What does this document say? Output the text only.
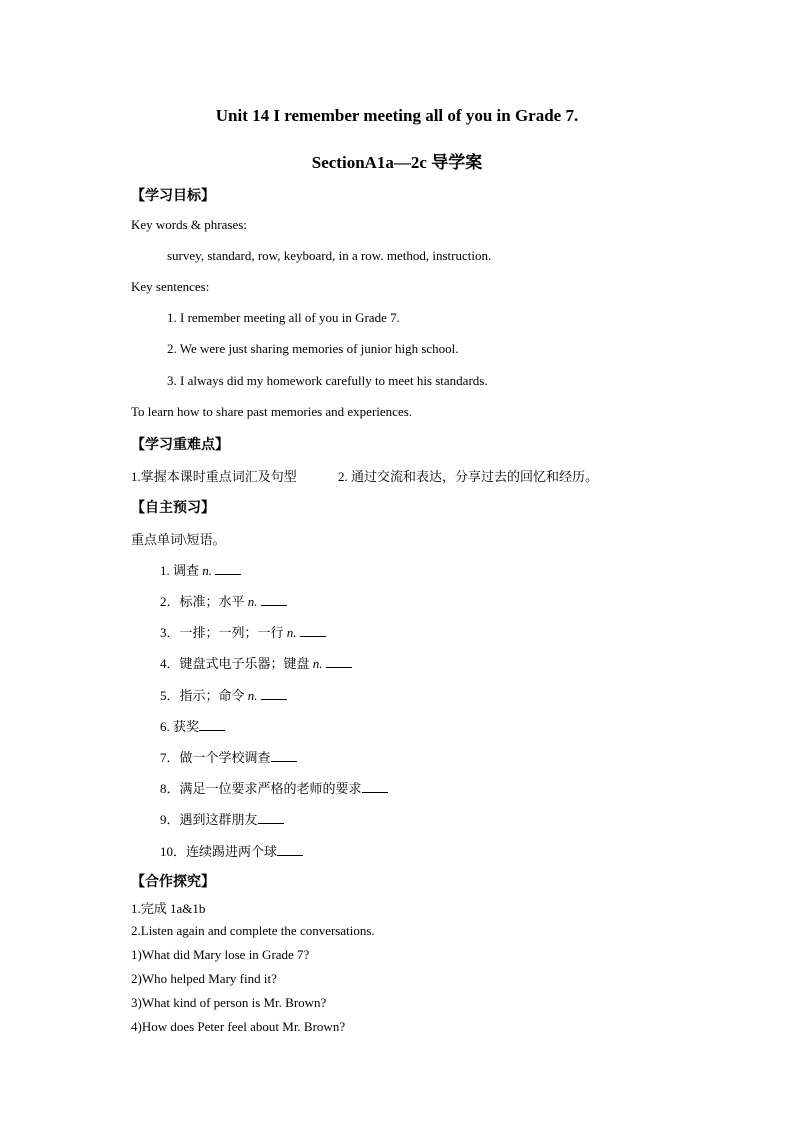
Unit 14 I remember meeting all of you in Grade 7.
SectionA1a—2c 导学案
【学习目标】
Key words & phrases:
survey, standard, row, keyboard, in a row. method, instruction.
Key sentences:
1. I remember meeting all of you in Grade 7.
2. We were just sharing memories of junior high school.
3. I always did my homework carefully to meet his standards.
To learn how to share past memories and experiences.
【学习重难点】
1.掌握本课时重点词汇及句型	2. 通过交流和表达，分享过去的回忆和经历。
【自主预习】
重点单词\短语。
1. 调查 n.
2．标准；水平 n.
3．一排；一列；一行 n.
4．键盘式电子乐器；键盘 n.
5．指示；命令 n.
6. 获奖
7．做一个学校调查
8．满足一位要求严格的老师的要求
9．遇到这群朋友
10．连续踢进两个球
【合作探究】
1.完成 1a&1b
2.Listen again and complete the conversations.
1)What did Mary lose in Grade 7?
2)Who helped Mary find it?
3)What kind of person is Mr. Brown?
4)How does Peter feel about Mr. Brown?
